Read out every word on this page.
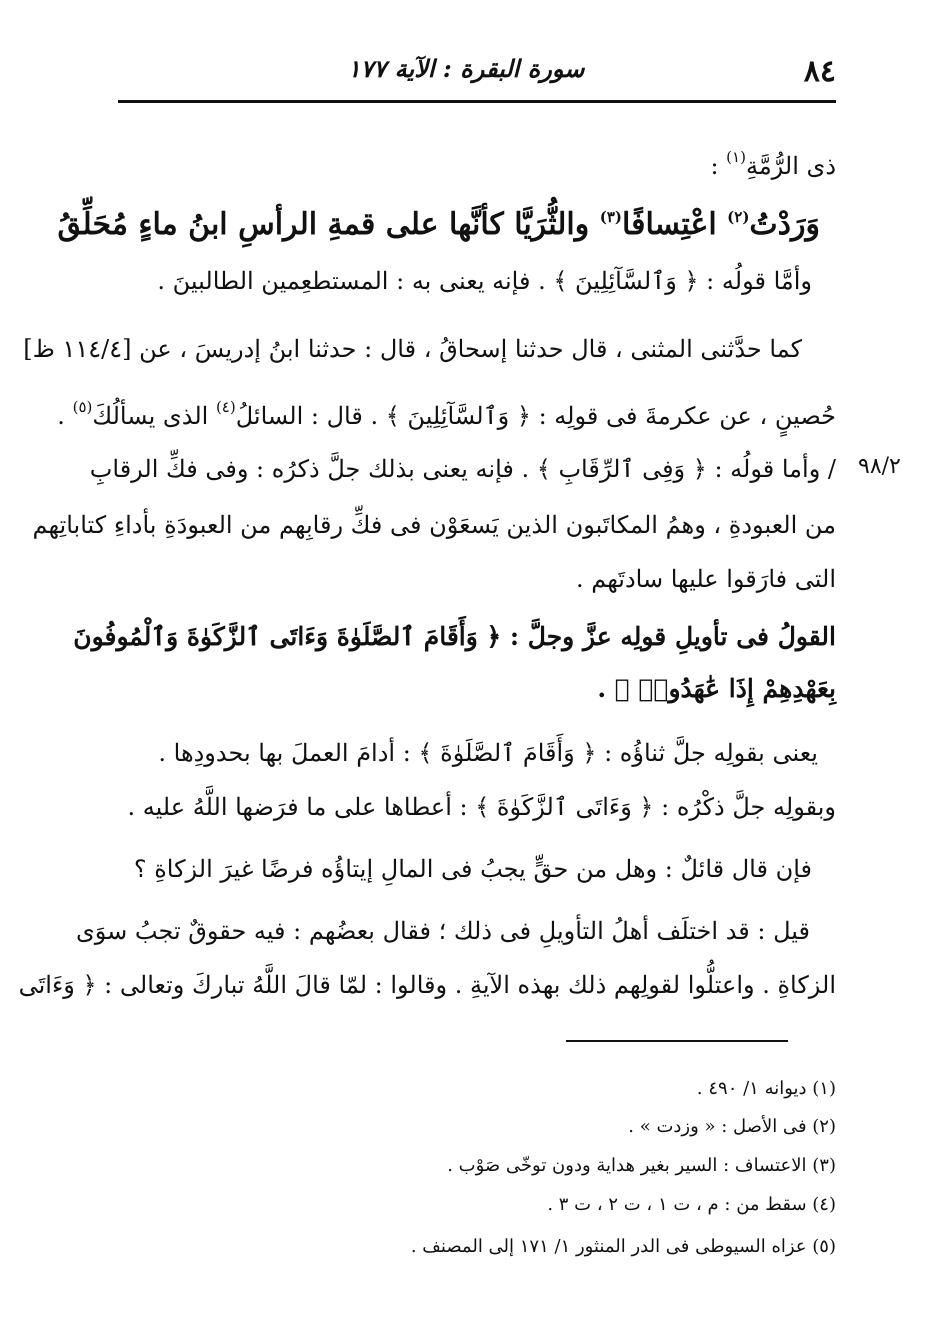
٨٤
سورة البقرة : الآية ١٧٧
٩٨/٢
ذى الرُّمَّةِ$^{(١)}$ :
وَرَدْتُ$^{(٢)}$ اعْتِسافًا$^{(٣)}$ والثُّرَيَّا كأنَّها على قمةِ الرأسِ ابنُ ماءٍ مُحَلِّقُ
وأمَّا قولُه : ﴿ وَٱلسَّآئِلِينَ ﴾ . فإنه يعنى به : المستطعِمين الطالبينَ .
كما حدَّثنى المثنى ، قال حدثنا إسحاقُ ، قال : حدثنا ابنُ إدريسَ ، عن [١١٤/٤ ظ]
حُصينٍ ، عن عكرمةَ فى قولِه : ﴿ وَٱلسَّآئِلِينَ ﴾ . قال : السائلُ$^{(٤)}$ الذى يسألُكَ$^{(٥)}$ .
/ وأما قولُه : ﴿ وَفِى ٱلرِّقَابِ ﴾ . فإنه يعنى بذلك جلَّ ذكرُه : وفى فكِّ الرقابِ
من العبودةِ ، وهمُ المكاتَبون الذين يَسعَوْن فى فكِّ رقابِهم من العبودَةِ بأداءِ كتاباتِهم
التى فارَقوا عليها سادتَهم .
القولُ فى تأويلِ قولِه عزَّ وجلَّ : ﴿ وَأَقَامَ ٱلصَّلَوٰةَ وَءَاتَى ٱلزَّكَوٰةَ وَٱلْمُوفُونَ
بِعَهْدِهِمْ إِذَا عَٰهَدُوا۟ ﴾ .
يعنى بقولِه جلَّ ثناؤُه : ﴿ وَأَقَامَ ٱلصَّلَوٰةَ ﴾ : أدامَ العملَ بها بحدودِها .
وبقولِه جلَّ ذكْرُه : ﴿ وَءَاتَى ٱلزَّكَوٰةَ ﴾ : أعطاها على ما فرَضها اللَّهُ عليه .
فإن قال قائلٌ : وهل من حقٍّ يجبُ فى المالِ إيتاؤُه فرضًا غيرَ الزكاةِ ؟
قيل : قد اختلَف أهلُ التأويلِ فى ذلك ؛ فقال بعضُهم : فيه حقوقٌ تجبُ سوَى
الزكاةِ . واعتلُّوا لقولِهم ذلك بهذه الآيةِ . وقالوا : لمّا قالَ اللَّهُ تباركَ وتعالى : ﴿ وَءَاتَى
(١) ديوانه ١/ ٤٩٠ .
(٢) فى الأصل : « وزدت » .
(٣) الاعتساف : السير بغير هداية ودون توخّى صَوْب .
(٤) سقط من : م ، ت ١ ، ت ٢ ، ت ٣ .
(٥) عزاه السيوطى فى الدر المنثور ١/ ١٧١ إلى المصنف .
